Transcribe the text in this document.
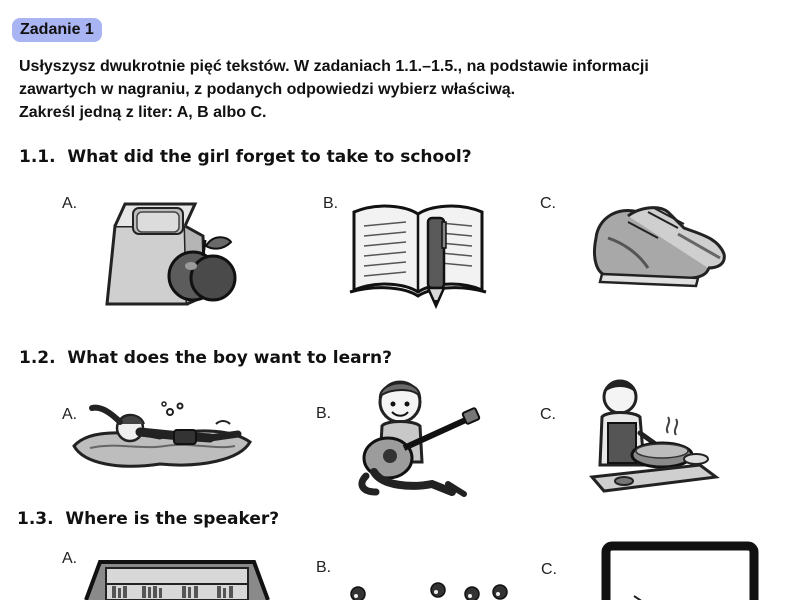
Zadanie 1
Usłyszysz dwukrotnie pięć tekstów. W zadaniach 1.1.–1.5., na podstawie informacji
zawartych w nagraniu, z podanych odpowiedzi wybierz właściwą.
Zakreśl jedną z liter: A, B albo C.
1.1. What did the girl forget to take to school?
A.	B.	C.
1.2. What does the boy want to learn?
A.	B.	C.
1.3. Where is the speaker?
A.
B.	C.
